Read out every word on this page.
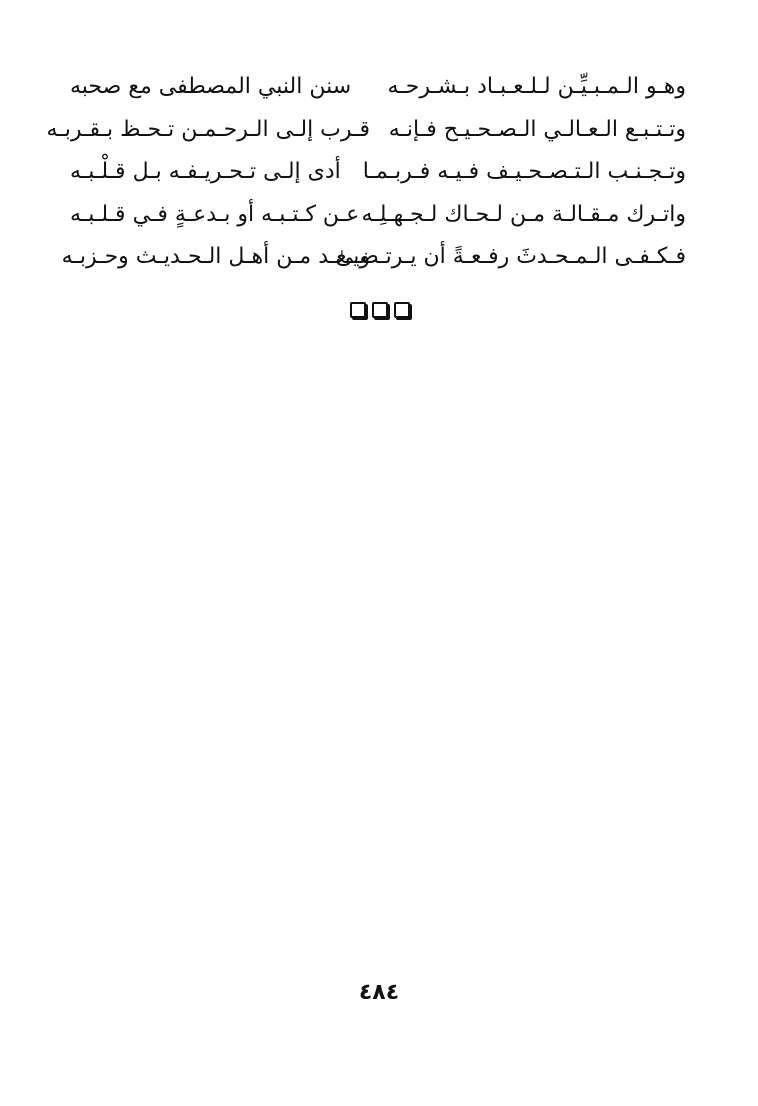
وهـو الـمـبـيِّـن لـلـعـبـاد بـشـرحـه
سنن النبي المصطفى مع صحبه
وتـتـبـع الـعـالـي الـصـحـيـح فـإنـه
قـرب إلـى الـرحـمـن تـحـظ بـقـربـه
وتـجـنـب الـتـصـحـيـف فـيـه فـربـمـا
أدى إلـى تـحـريـفـه بـل قـلْـبـه
واتـرك مـقـالـة مـن لـحـاك لـجـهـلِـه
عـن كـتـبـه أو بـدعـةٍ فـي قـلـبـه
فـكـفـى الـمـحـدثَ رفـعـةً أن يـرتـضـىٰ
ويـعـد مـن أهـل الـحـديـث وحـزبـه
٤٨٤
